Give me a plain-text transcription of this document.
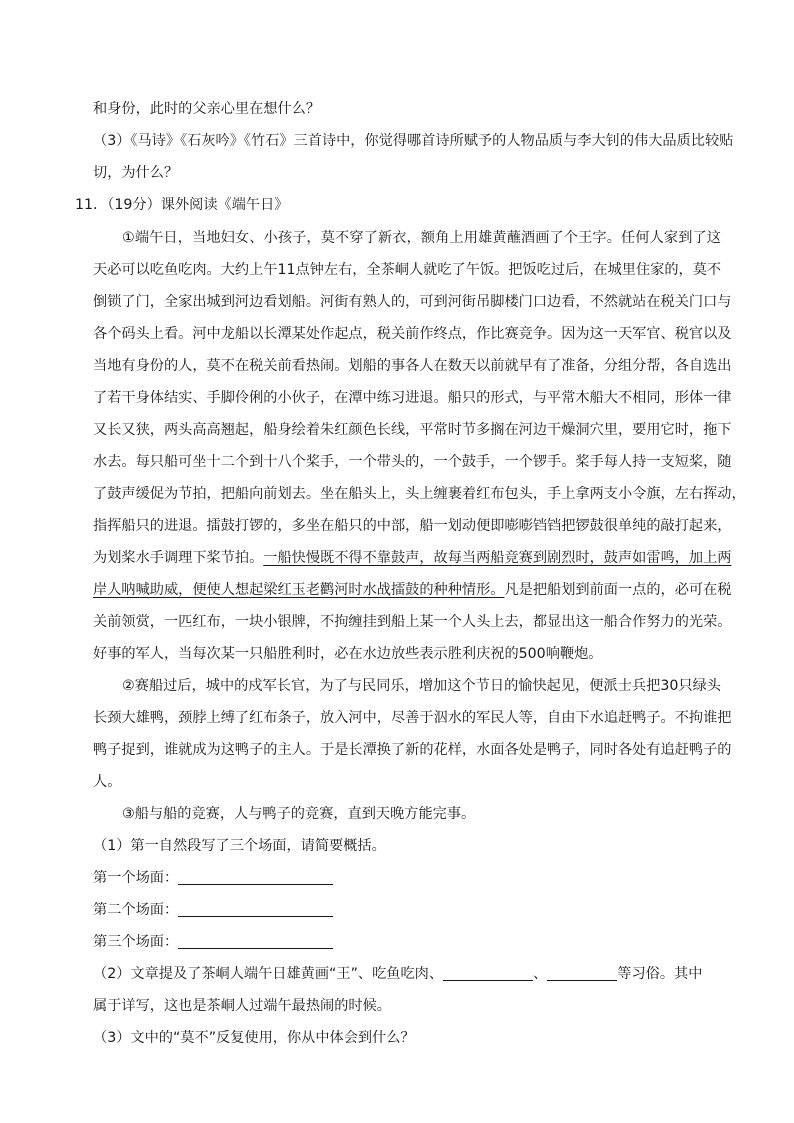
和身份，此时的父亲心里在想什么？
（3）《马诗》《石灰吟》《竹石》三首诗中，你觉得哪首诗所赋予的人物品质与李大钊的伟大品质比较贴
切，为什么？
11．（19分）课外阅读《端午日》
①端午日，当地妇女、小孩子，莫不穿了新衣，额角上用雄黄蘸酒画了个王字。任何人家到了这
天必可以吃鱼吃肉。大约上午11点钟左右，全茶峒人就吃了午饭。把饭吃过后，在城里住家的，莫不
倒锁了门，全家出城到河边看划船。河街有熟人的，可到河街吊脚楼门口边看，不然就站在税关门口与
各个码头上看。河中龙船以长潭某处作起点，税关前作终点，作比赛竞争。因为这一天军官、税官以及
当地有身份的人，莫不在税关前看热闹。划船的事各人在数天以前就早有了准备，分组分帮，各自选出
了若干身体结实、手脚伶俐的小伙子，在潭中练习进退。船只的形式，与平常木船大不相同，形体一律
又长又狭，两头高高翘起，船身绘着朱红颜色长线，平常时节多搁在河边干燥洞穴里，要用它时，拖下
水去。每只船可坐十二个到十八个桨手，一个带头的，一个鼓手，一个锣手。桨手每人持一支短桨，随
了鼓声缓促为节拍，把船向前划去。坐在船头上，头上缠裹着红布包头，手上拿两支小令旗，左右挥动，
指挥船只的进退。擂鼓打锣的，多坐在船只的中部，船一划动便即嘭嘭铛铛把锣鼓很单纯的敲打起来，
为划桨水手调理下桨节拍。一船快慢既不得不靠鼓声，故每当两船竞赛到剧烈时，鼓声如雷鸣，加上两
岸人呐喊助威，便使人想起梁红玉老鹳河时水战擂鼓的种种情形。凡是把船划到前面一点的，必可在税
关前领赏，一匹红布，一块小银牌，不拘缠挂到船上某一个人头上去，都显出这一船合作努力的光荣。
好事的军人，当每次某一只船胜利时，必在水边放些表示胜利庆祝的500响鞭炮。
②赛船过后，城中的戍军长官，为了与民同乐，增加这个节日的愉快起见，便派士兵把30只绿头
长颈大雄鸭，颈脖上缚了红布条子，放入河中，尽善于泅水的军民人等，自由下水追赶鸭子。不拘谁把
鸭子捉到，谁就成为这鸭子的主人。于是长潭换了新的花样，水面各处是鸭子，同时各处有追赶鸭子的
人。
③船与船的竞赛，人与鸭子的竞赛，直到天晚方能完事。
（1）第一自然段写了三个场面，请简要概括。
第一个场面：
第二个场面：
第三个场面：
（2）文章提及了茶峒人端午日雄黄画“王”、吃鱼吃肉、	、	等习俗。其中
属于详写，这也是茶峒人过端午最热闹的时候。
（3）文中的“莫不”反复使用，你从中体会到什么？
